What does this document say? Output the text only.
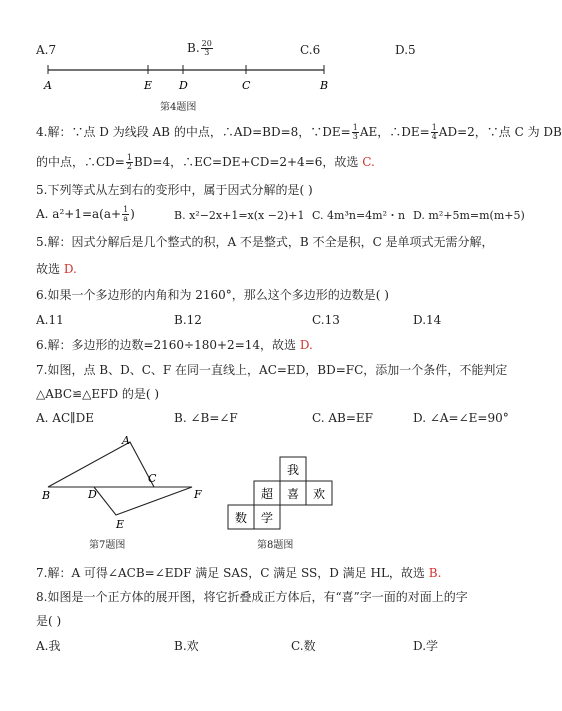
A.7	B. $\frac{20}{3}$	C.6	D.5
A	E D	C	B
第4题图
4.解：∵点 D 为线段 AB 的中点，∴AD=BD=8，∵DE= $\frac{1}{3}$ AE，∴DE= $\frac{1}{4} AD=2$，∵点 C 为 DB
的中点，∴CD= $\frac{1}{2} BD=4$，∴EC=DE+CD=2+4=6，故选 C.
5.下列等式从左到右的变形中，属于因式分解的是( )
A. $a^2+1=a(a+ \frac{1}{a}$ )	B. x²−2x+1=x(x −2)+1 C. 4m³n=4m²・n D. m²+5m=m(m+5)
5.解：因式分解后是几个整式的积，A 不是整式，B 不全是积，C 是单项式无需分解，
故选 D.
6.如果一个多边形的内角和为 2160°，那么这个多边形的边数是( )
A.11	B.12	C.13	D.14
6.解：多边形的边数=2160÷180+2=14，故选 D.
7.如图，点 B、D、C、F 在同一直线上，AC=ED，BD=FC，添加一个条件，不能判定
△ABC≌△EFD 的是( )
A. AC∥DE	B. ∠B=∠F	C. AB=EF	D. ∠A=∠E=90°
A
B	D
C
F
E
第7题图
我
超 喜 欢
数 学
第8题图
7.解：A 可得∠ACB=∠EDF 满足 SAS，C 满足 SS，D 满足 HL，故选 B.
8.如图是一个正方体的展开图，将它折叠成正方体后，有“喜”字一面的对面上的字
是( )
A.我	B.欢	C.数	D.学
